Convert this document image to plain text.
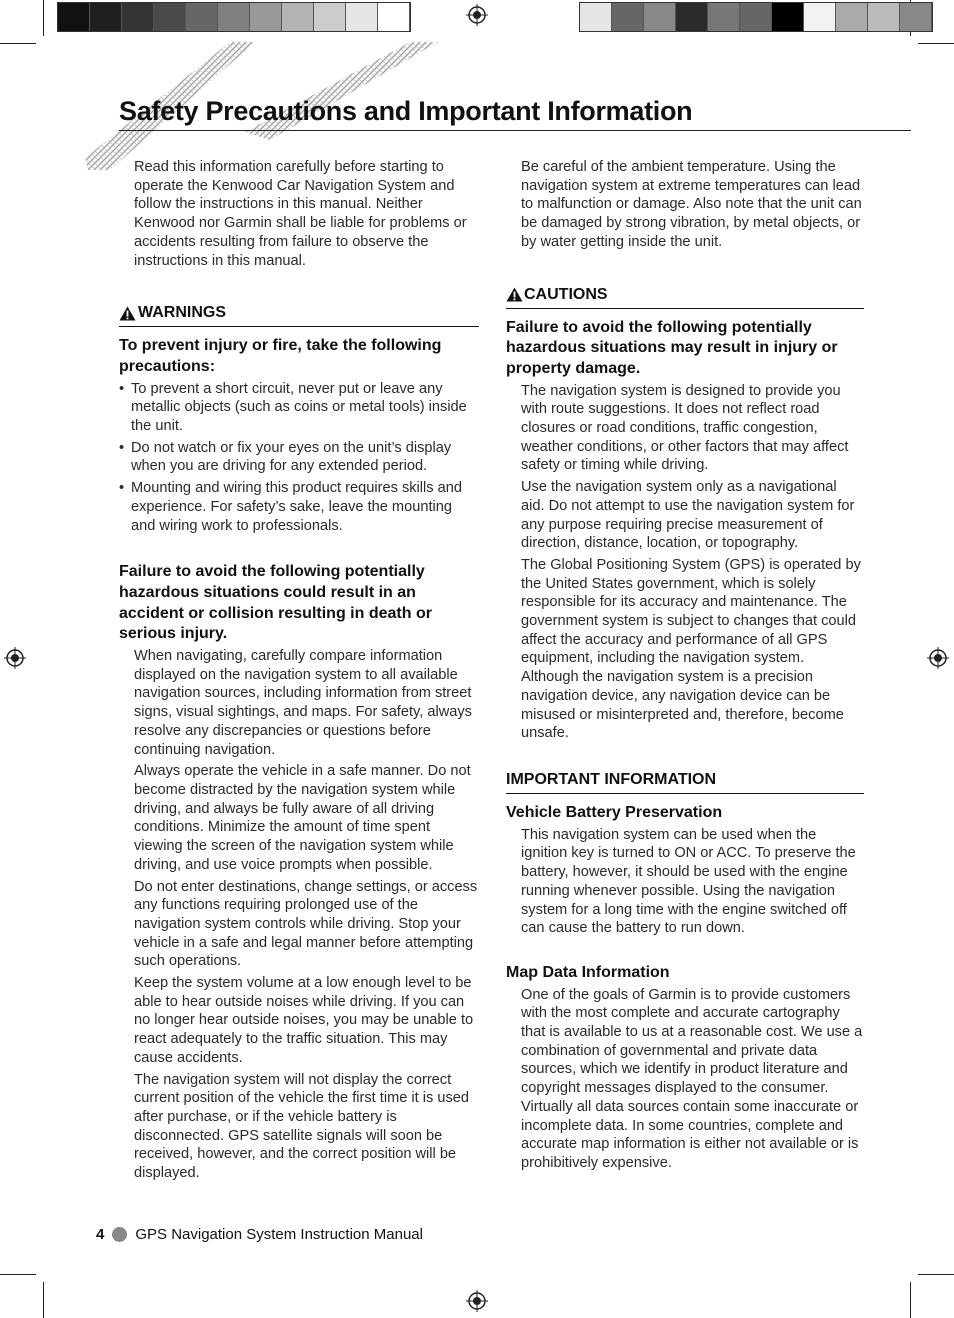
Safety Precautions and Important Information

Read this information carefully before starting to operate the Kenwood Car Navigation System and follow the instructions in this manual. Neither Kenwood nor Garmin shall be liable for problems or accidents resulting from failure to observe the instructions in this manual.

WARNINGS
To prevent injury or fire, take the following precautions:
• To prevent a short circuit, never put or leave any metallic objects (such as coins or metal tools) inside the unit.
• Do not watch or fix your eyes on the unit’s display when you are driving for any extended period.
• Mounting and wiring this product requires skills and experience. For safety’s sake, leave the mounting and wiring work to professionals.
Failure to avoid the following potentially hazardous situations could result in an accident or collision resulting in death or serious injury.

When navigating, carefully compare information displayed on the navigation system to all available navigation sources, including information from street signs, visual sightings, and maps. For safety, always resolve any discrepancies or questions before continuing navigation.

Always operate the vehicle in a safe manner. Do not become distracted by the navigation system while driving, and always be fully aware of all driving conditions. Minimize the amount of time spent viewing the screen of the navigation system while driving, and use voice prompts when possible.

Do not enter destinations, change settings, or access any functions requiring prolonged use of the navigation system controls while driving. Stop your vehicle in a safe and legal manner before attempting such operations.

Keep the system volume at a low enough level to be able to hear outside noises while driving. If you can no longer hear outside noises, you may be unable to react adequately to the traffic situation. This may cause accidents.

The navigation system will not display the correct current position of the vehicle the first time it is used after purchase, or if the vehicle battery is disconnected. GPS satellite signals will soon be received, however, and the correct position will be displayed.

Be careful of the ambient temperature. Using the navigation system at extreme temperatures can lead to malfunction or damage. Also note that the unit can be damaged by strong vibration, by metal objects, or by water getting inside the unit.

CAUTIONS
Failure to avoid the following potentially hazardous situations may result in injury or property damage.

The navigation system is designed to provide you with route suggestions. It does not reflect road closures or road conditions, traffic congestion, weather conditions, or other factors that may affect safety or timing while driving.

Use the navigation system only as a navigational aid. Do not attempt to use the navigation system for any purpose requiring precise measurement of direction, distance, location, or topography.

The Global Positioning System (GPS) is operated by the United States government, which is solely responsible for its accuracy and maintenance. The government system is subject to changes that could affect the accuracy and performance of all GPS equipment, including the navigation system. Although the navigation system is a precision navigation device, any navigation device can be misused or misinterpreted and, therefore, become unsafe.

IMPORTANT INFORMATION
Vehicle Battery Preservation

This navigation system can be used when the ignition key is turned to ON or ACC. To preserve the battery, however, it should be used with the engine running whenever possible. Using the navigation system for a long time with the engine switched off can cause the battery to run down.

Map Data Information

One of the goals of Garmin is to provide customers with the most complete and accurate cartography that is available to us at a reasonable cost. We use a combination of governmental and private data sources, which we identify in product literature and copyright messages displayed to the consumer. Virtually all data sources contain some inaccurate or incomplete data. In some countries, complete and accurate map information is either not available or is prohibitively expensive.

4 GPS Navigation System Instruction Manual
